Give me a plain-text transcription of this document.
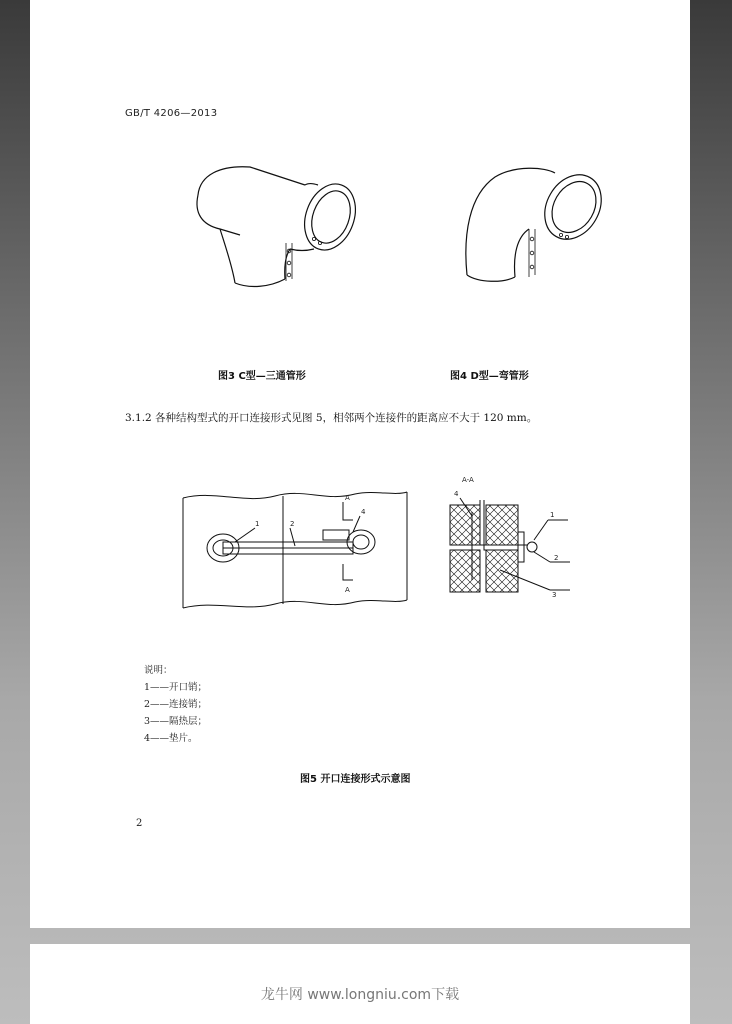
GB/T 4206—2013
图3 C型—三通管形	图4 D型—弯管形
3.1.2 各种结构型式的开口连接形式见图 5，相邻两个连接件的距离应不大于 120 mm。
1	2
4
A
A
A-A
4
1
2
3
说明：
1——开口销；
2——连接销；
3——隔热层；
4——垫片。
图5 开口连接形式示意图
2
龙牛网 www.longniu.com下载
